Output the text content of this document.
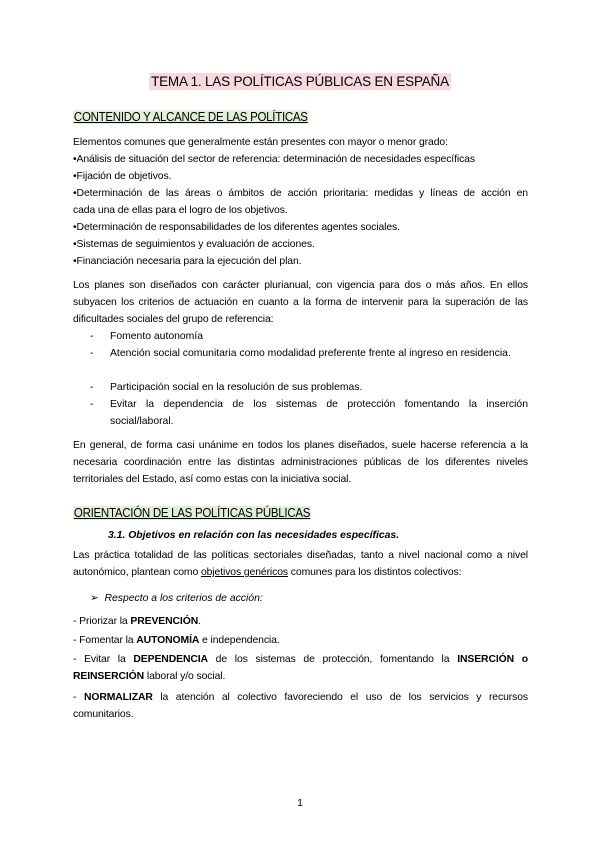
TEMA 1. LAS POLÍTICAS PÚBLICAS EN ESPAÑA
CONTENIDO Y ALCANCE DE LAS POLÍTICAS
Elementos comunes que generalmente están presentes con mayor o menor grado:
•Análisis de situación del sector de referencia: determinación de necesidades específicas
•Fijación de objetivos.
•Determinación de las áreas o ámbitos de acción prioritaria: medidas y líneas de acción en
cada una de ellas para el logro de los objetivos.
•Determinación de responsabilidades de los diferentes agentes sociales.
•Sistemas de seguimientos y evaluación de acciones.
•Financiación necesaria para la ejecución del plan.
Los planes son diseñados con carácter plurianual, con vigencia para dos o más años. En ellos subyacen los criterios de actuación en cuanto a la forma de intervenir para la superación de las dificultades sociales del grupo de referencia:
- Fomento autonomía
- Atención social comunitaria como modalidad preferente frente al ingreso en residencia.
- Participación social en la resolución de sus problemas.
- Evitar la dependencia de los sistemas de protección fomentando la inserción social/laboral.
En general, de forma casi unánime en todos los planes diseñados, suele hacerse referencia a la necesaria coordinación entre las distintas administraciones públicas de los diferentes niveles territoriales del Estado, así como estas con la iniciativa social.
ORIENTACIÓN DE LAS POLÍTICAS PÚBLICAS
3.1. Objetivos en relación con las necesidades específicas.
Las práctica totalidad de las políticas sectoriales diseñadas, tanto a nivel nacional como a nivel autonómico, plantean como objetivos genéricos comunes para los distintos colectivos:
➢ Respecto a los criterios de acción:
- Priorizar la PREVENCIÓN.
- Fomentar la AUTONOMÍA e independencia.
- Evitar la DEPENDENCIA de los sistemas de protección, fomentando la INSERCIÓN o REINSERCIÓN laboral y/o social.
- NORMALIZAR la atención al colectivo favoreciendo el uso de los servicios y recursos comunitarios.
1
